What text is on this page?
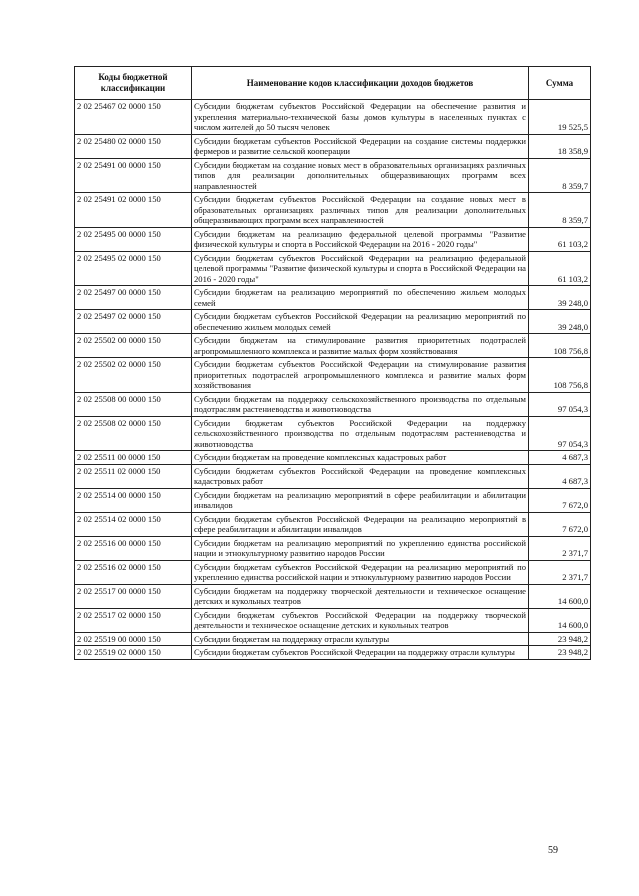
Коды бюджетной классификации	Наименование кодов классификации доходов бюджетов	Сумма
2 02 25467 02 0000 150	Субсидии бюджетам субъектов Российской Федерации на обеспечение развития и укрепления материально-технической базы домов культуры в населенных пунктах с числом жителей до 50 тысяч человек	19 525,5
2 02 25480 02 0000 150	Субсидии бюджетам субъектов Российской Федерации на создание системы поддержки фермеров и развитие сельской кооперации	18 358,9
2 02 25491 00 0000 150	Субсидии бюджетам на создание новых мест в образовательных организациях различных типов для реализации дополнительных общеразвивающих программ всех направленностей	8 359,7
2 02 25491 02 0000 150	Субсидии бюджетам субъектов Российской Федерации на создание новых мест в образовательных организациях различных типов для реализации дополнительных общеразвивающих программ всех направленностей	8 359,7
2 02 25495 00 0000 150	Субсидии бюджетам на реализацию федеральной целевой программы "Развитие физической культуры и спорта в Российской Федерации на 2016 - 2020 годы"	61 103,2
2 02 25495 02 0000 150	Субсидии бюджетам субъектов Российской Федерации на реализацию федеральной целевой программы "Развитие физической культуры и спорта в Российской Федерации на 2016 - 2020 годы"	61 103,2
2 02 25497 00 0000 150	Субсидии бюджетам на реализацию мероприятий по обеспечению жильем молодых семей	39 248,0
2 02 25497 02 0000 150	Субсидии бюджетам субъектов Российской Федерации на реализацию мероприятий по обеспечению жильем молодых семей	39 248,0
2 02 25502 00 0000 150	Субсидии бюджетам на стимулирование развития приоритетных подотраслей агропромышленного комплекса и развитие малых форм хозяйствования	108 756,8
2 02 25502 02 0000 150	Субсидии бюджетам субъектов Российской Федерации на стимулирование развития приоритетных подотраслей агропромышленного комплекса и развитие малых форм хозяйствования	108 756,8
2 02 25508 00 0000 150	Субсидии бюджетам на поддержку сельскохозяйственного производства по отдельным подотраслям растениеводства и животноводства	97 054,3
2 02 25508 02 0000 150	Субсидии бюджетам субъектов Российской Федерации на поддержку сельскохозяйственного производства по отдельным подотраслям растениеводства и животноводства	97 054,3
2 02 25511 00 0000 150	Субсидии бюджетам на проведение комплексных кадастровых работ	4 687,3
2 02 25511 02 0000 150	Субсидии бюджетам субъектов Российской Федерации на проведение комплексных кадастровых работ	4 687,3
2 02 25514 00 0000 150	Субсидии бюджетам на реализацию мероприятий в сфере реабилитации и абилитации инвалидов	7 672,0
2 02 25514 02 0000 150	Субсидии бюджетам субъектов Российской Федерации на реализацию мероприятий в сфере реабилитации и абилитации инвалидов	7 672,0
2 02 25516 00 0000 150	Субсидии бюджетам на реализацию мероприятий по укреплению единства российской нации и этнокультурному развитию народов России	2 371,7
2 02 25516 02 0000 150	Субсидии бюджетам субъектов Российской Федерации на реализацию мероприятий по укреплению единства российской нации и этнокультурному развитию народов России	2 371,7
2 02 25517 00 0000 150	Субсидии бюджетам на поддержку творческой деятельности и техническое оснащение детских и кукольных театров	14 600,0
2 02 25517 02 0000 150	Субсидии бюджетам субъектов Российской Федерации на поддержку творческой деятельности и техническое оснащение детских и кукольных театров	14 600,0
2 02 25519 00 0000 150	Субсидии бюджетам на поддержку отрасли культуры	23 948,2
2 02 25519 02 0000 150	Субсидии бюджетам субъектов Российской Федерации на поддержку отрасли культуры	23 948,2
59
